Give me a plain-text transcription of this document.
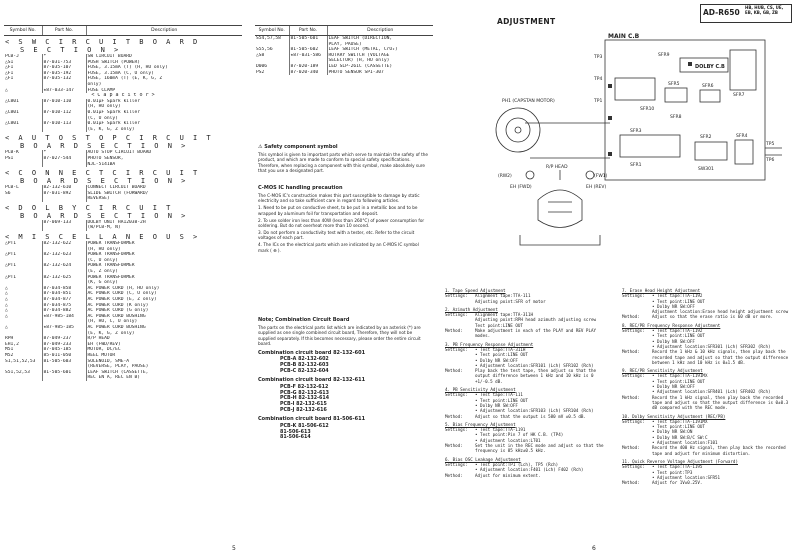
Symbol No.	Part No.	Description
< S W C I R C U I T B O A R D		
S E C T I O N >		
PCB-J	*	SW CIRCUIT BOARD
△S1	87-031-753	PUSH SWITCH (POWER)
△F1	87-035-107	FUSE, 3.15mA (T) (H, HU only)
△F1	87-035-192	FUSE, 3.15mA (C, U only)
△F1	87-035-132	FUSE, 160mA (T) (E, K, G, Z
		only)
△	★87-033-147	FUSE CLAMP
< C a p a c i t o r >		
△C801	87-010-110	0.01μF Spark killer
		(H, HU only)
△C801	87-010-112	0.01μF Spark killer
		(C, U only)
△C801	87-010-113	0.01μF Spark killer
		(E, K, G, Z only)
< A U T O S T O P C I R C U I T		
B O A R D S E C T I O N >		
PCB-K	*	AUTO STOP CIRCUIT BOARD
PS1	87-027-544	PHOTO SENSOR,
		NJL-5141BA
< C O N N E C T C I R C U I T		
B O A R D S E C T I O N >		
PCB-L	82-132-610	CONNECT CIRCUIT BOARD
S6	87-031-892	SLIDE SWITCH (FORWARD/
		REVERSE)
< D O L B Y C I R C U I T		
B O A R D S E C T I O N >		
	87-069-133	DOLBY UNIT HA12038-2H
		(W/PCB-M, N)
< M I S C E L L A N E O U S >		
△PT1	82-132-622	POWER TRANSFORMER
		(H, HU only)
△PT1	82-132-623	POWER TRANSFORMER
		(C, U only)
△PT1	82-132-624	POWER TRANSFORMER
		(E, Z only)
△PT1	82-132-625	POWER TRANSFORMER
		(K, G only)
△	87-034-858	AC POWER CORD (H, HU only)
△	87-034-851	AC POWER CORD (C, U only)
△	87-034-877	AC POWER CORD (E, Z only)
△	87-034-875	AC POWER CORD (K only)
△	87-034-882	AC POWER CORD (G only)
△	★87-985-184	AC POWER CORD BUSHING
		(H, HU, C, U only)
△	★87-985-185	AC POWER CORD BUSHING
		(E, K, G, Z only)
RPH	87-049-237	R/P HEAD
EH1,2	87-049-233	EH (FWD/REV)
M51	87-045-185	MOTOR, DC/EC
M52	85-011-050	REEL MOTOR
S1,51,52,53	81-505-603	SOLENOID, SME-A
		(REVERSE, PLAY, PAUSE)
S51,52,53	81-505-601	LEAF SWITCH (CASSETTE,
		REC EN A, REC EN B)
Symbol No.	Part No.	Description
S54,57,58	81-505-601	LEAF SWITCH (DIRECTION,
		PLAY, PAUSE)
S55,56	81-505-602	LEAF SWITCH (METAL, CrO₂)
△S8	★87-031-586	ROTARY SWITCH (VOLTAGE
		SELECTOR) (H, HU only)
D006	87-020-189	LED SLP-261C (CASSETTE)
PS2	87-020-340	PHOTO SENSOR SPI-307

⚠ Safety component symbol

This symbol is given to important parts which serve to maintain the safety of the product, and which are made to conform to special safety specifications. Therefore, when replacing a component with this symbol, make absolutely sure that you use a designated part.

C-MOS IC handling precaution

The C-MOS IC's construction makes this part susceptible to damage by static electricity and so take sufficient care in regard to following articles.

1. Need to be put on conductive sheet, to be put in a metallic box and to be wrapped by aluminum foil for transportation and deposit.

2. To use solder iron less than 40W (less than 260°C) of power consumption for soldering. But do not overheat more than 10 second.

3. Do not perform a conductivity test with a tester, etc. Refer to the circuit voltages of each part.

4. The ICs on the electrical parts which are indicated by an C-MOS IC symbol mark ( ⊕ ).

Note; Combination Circuit Board

The parts on the electrical parts list which are indicated by an asterisk (*) are supplied as one single combined circuit board, Therefore, they will not be supplied separately. If this becomes necessary, please order the entire circuit board.

Combination circuit board 82-132-601

PCB-A 82-132-602
PCB-B 82-132-603
PCB-C 82-132-604

Combination circuit board 82-132-611

PCB-F 82-132-612
PCB-G 82-132-613
PCB-H 82-132-614
PCB-I 82-132-615
PCB-J 82-132-616

Combination circuit board 81-506-611

PCB-K 81-506-612
81-506-613
81-506-614
5
ADJUSTMENT
AD-R650
HB, HUB, CS, UE, EB, KB, GB, ZB
MAIN C.B
DOLBY C.B
PH1 (CAPSTAN MOTOR)
R/P HEAD
EH (FWD)	EH (REV)
(RW2)	(FW1)
TP3	SFR9
TP4
SFR5
TP1
SFR6
SFR7
SFR10
SFR8
SFR3
SFR2	SFR4
TP5
TP6
SFR1
SW301
1. Tape Speed Adjustment
Settings:	Alignment tape:TTA-111
Adjusting point:SFR of motor
2. Azimuth Adjustment
Settings:	Alignment tape:TTA-311H
Adjusting point:RPH head azimuth adjusting screw
Test point:LINE OUT
Method:	Make adjustment in each of the PLAY and REV PLAY modes.
3. PB Frequency Response Adjustment
Settings:	• Test tape:TTA-311H
• Test point:LINE OUT
• Dolby NR SW:OFF
• Adjustment location:SFR101 (Lch) SFR102 (Rch)
Method:	Play back the test tape, then adjust so that the output difference between 1 kHz and 10 kHz is 0 +1/-0.5 dB.
4. PB Sensitivity Adjustment
Settings:	• Test tape:TTA-111
• Test point:LINE OUT
• Dolby NR SW:OFF
• Adjustment location:SFR103 (Lch) SFR104 (Rch)
Method:	Adjust so that the output is 580 mV ±0.5 dB.
5. Bias Frequency Adjustment
Settings:	• Test tape:TTA-1191
• Test point:Pin 7 of HK C.B. (TP4)
• Adjustment location:LT01
Method:	Set the unit in the REC mode and adjust so that the frequency is 85 kHz±0.5 kHz.
6. Bias OSC Leakage Adjustment
Settings:	• Test point:TP1 (Lch), TP5 (Rch)
• Adjustment location:F401 (Lch) F402 (Rch)
Method:	Adjust for minimum extent.
7. Erase Head Height Adjustment
Settings:	• Test tape:TTA-1192
• Test point:LINE OUT
• Dolby NR SW:OFF
Adjustment location:Erase head height adjustment screw
Method:	Adjust so that the erase ratio is 60 dB or more.
8. REC/PB Frequency Response Adjustment
Settings:	• Test tape:TTA-1192
• Test point:LINE OUT
• Dolby NR SW:OFF
• Adjustment location:SFR301 (Lch) SFR302 (Rch)
Method:	Record the 1 kHz & 10 kHz signals, then play back the recorded tape and adjust so that the output difference between 1 kHz and 10 kHz is 0±1.5 dB.
9. REC/PB Sensitivity Adjustment
Settings:	• Test tape:TTA-1191MX
• Test point:LINE OUT
• Dolby NR SW:OFF
• Adjustment location:SFR401 (Lch) SFR402 (Rch)
Method:	Record the 1 kHz signal, then play back the recorded tape and adjust so that the output difference is 0±0.3 dB compared with the REC mode.
10. Dolby Sensitivity Adjustment (REC/PB)
Settings:	• Test tape:TTA-1191MX
• Test point:LINE OUT
• Dolby NR SW:ON
• Dolby NR SW:B/C SW:C
• Adjustment location:F101
Method:	Record the 400 Hz signal, then play back the recorded tape and adjust for minimum distortion.
11. Quick Reverse Voltage Adjustment (Forward)
Settings:	• Test tape:TTA-1195
• Test point:TP3
• Adjustment location:SFR51
Method:	Adjust for 1V±0.25V.
6
